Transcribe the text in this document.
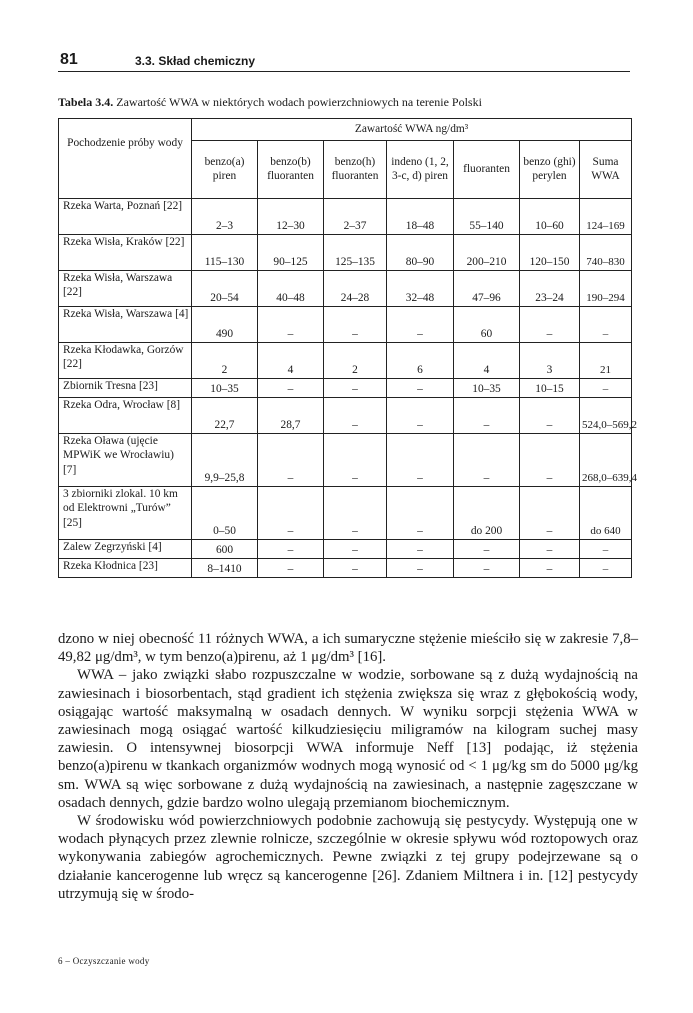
81	3.3. Skład chemiczny
Tabela 3.4. Zawartość WWA w niektórych wodach powierzchniowych na terenie Polski
Pochodzenie próby wody	Zawartość WWA ng/dm³						
	benzo(a) piren	benzo(b) fluoranten	benzo(h) fluoranten	indeno (1, 2, 3-c, d) piren	fluoranten	benzo (ghi) perylen	Suma WWA

Rzeka Warta, Poznań [22]	2–3	12–30	2–37	18–48	55–140	10–60	124–169

Rzeka Wisła, Kraków [22]	115–130	90–125	125–135	80–90	200–210	120–150	740–830

Rzeka Wisła, Warszawa [22]	20–54	40–48	24–28	32–48	47–96	23–24	190–294

Rzeka Wisła, Warszawa [4]	490	–	–	–	60	–	–

Rzeka Kłodawka, Gorzów [22]	2	4	2	6	4	3	21

Zbiornik Tresna [23]	10–35	–	–	–	10–35	10–15	–

Rzeka Odra, Wrocław [8]	22,7	28,7	–	–	–	–	524,0–569,2

Rzeka Oława (ujęcie MPWiK we Wrocławiu) [7]	9,9–25,8	–	–	–	–	–	268,0–639,4

3 zbiorniki zlokal. 10 km od Elektrowni „Turów” [25]	0–50	–	–	–	do 200	–	do 640

Zalew Zegrzyński [4]	600	–	–	–	–	–	–

Rzeka Kłodnica [23]	8–1410	–	–	–	–	–	–

dzono w niej obecność 11 różnych WWA, a ich sumaryczne stężenie mieściło się w zakresie 7,8–49,82 μg/dm³, w tym benzo(a)pirenu, aż 1 μg/dm³ [16].

WWA – jako związki słabo rozpuszczalne w wodzie, sorbowane są z dużą wydajnością na zawiesinach i biosorbentach, stąd gradient ich stężenia zwiększa się wraz z głębokością wody, osiągając wartość maksymalną w osadach dennych. W wyniku sorpcji stężenia WWA w zawiesinach mogą osiągać wartość kilkudziesięciu miligramów na kilogram suchej masy zawiesin. O intensywnej biosorpcji WWA informuje Neff [13] podając, iż stężenia benzo(a)pirenu w tkankach organizmów wodnych mogą wynosić od < 1 μg/kg sm do 5000 μg/kg sm. WWA są więc sorbowane z dużą wydajnością na zawiesinach, a następnie zagęszczane w osadach dennych, gdzie bardzo wolno ulegają przemianom biochemicznym.

W środowisku wód powierzchniowych podobnie zachowują się pestycydy. Występują one w wodach płynących przez zlewnie rolnicze, szczególnie w okresie spływu wód roztopowych oraz wykonywania zabiegów agrochemicznych. Pewne związki z tej grupy podejrzewane są o działanie kancerogenne lub wręcz są kancerogenne [26]. Zdaniem Miltnera i in. [12] pestycydy utrzymują się w środo-

6 – Oczyszczanie wody
